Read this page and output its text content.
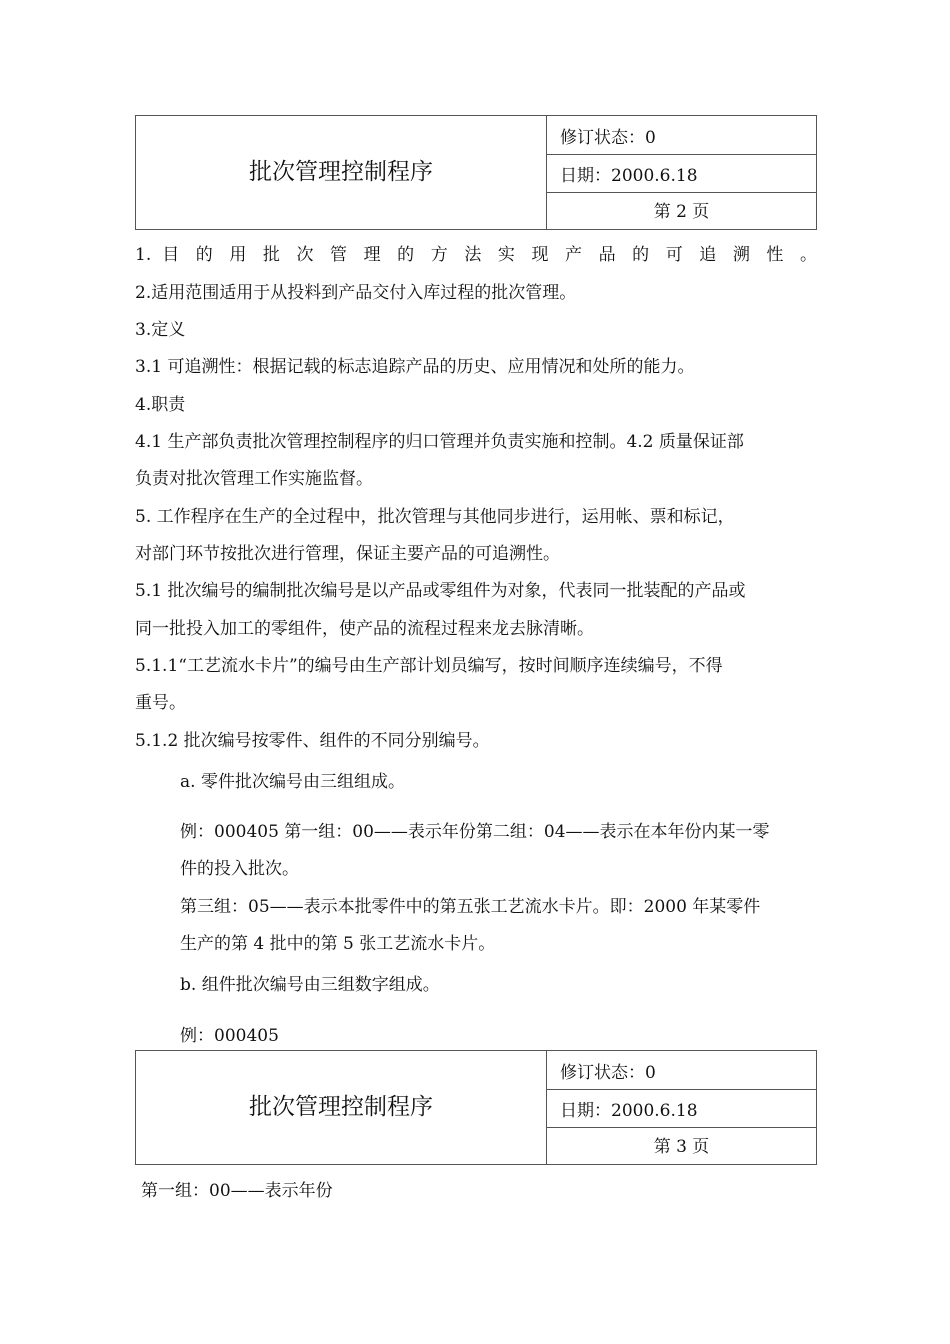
批次管理控制程序
修订状态：0
日期：2000.6.18
第 2 页
1. 目 的 用 批 次 管 理 的 方 法 实 现 产 品 的 可 追 溯 性 。
2.适用范围适用于从投料到产品交付入库过程的批次管理。
3.定义
3.1 可追溯性：根据记载的标志追踪产品的历史、应用情况和处所的能力。
4.职责
4.1 生产部负责批次管理控制程序的归口管理并负责实施和控制。4.2 质量保证部
负责对批次管理工作实施监督。
5. 工作程序在生产的全过程中，批次管理与其他同步进行，运用帐、票和标记，
对部门环节按批次进行管理，保证主要产品的可追溯性。
5.1 批次编号的编制批次编号是以产品或零组件为对象，代表同一批装配的产品或
同一批投入加工的零组件，使产品的流程过程来龙去脉清晰。
5.1.1“工艺流水卡片”的编号由生产部计划员编写，按时间顺序连续编号，不得
重号。
5.1.2 批次编号按零件、组件的不同分别编号。
a. 零件批次编号由三组组成。
例：000405 第一组：00——表示年份第二组：04——表示在本年份内某一零
件的投入批次。
第三组：05——表示本批零件中的第五张工艺流水卡片。即：2000 年某零件
生产的第 4 批中的第 5 张工艺流水卡片。
b. 组件批次编号由三组数字组成。
例：000405
批次管理控制程序
修订状态：0
日期：2000.6.18
第 3 页
第一组：00——表示年份
